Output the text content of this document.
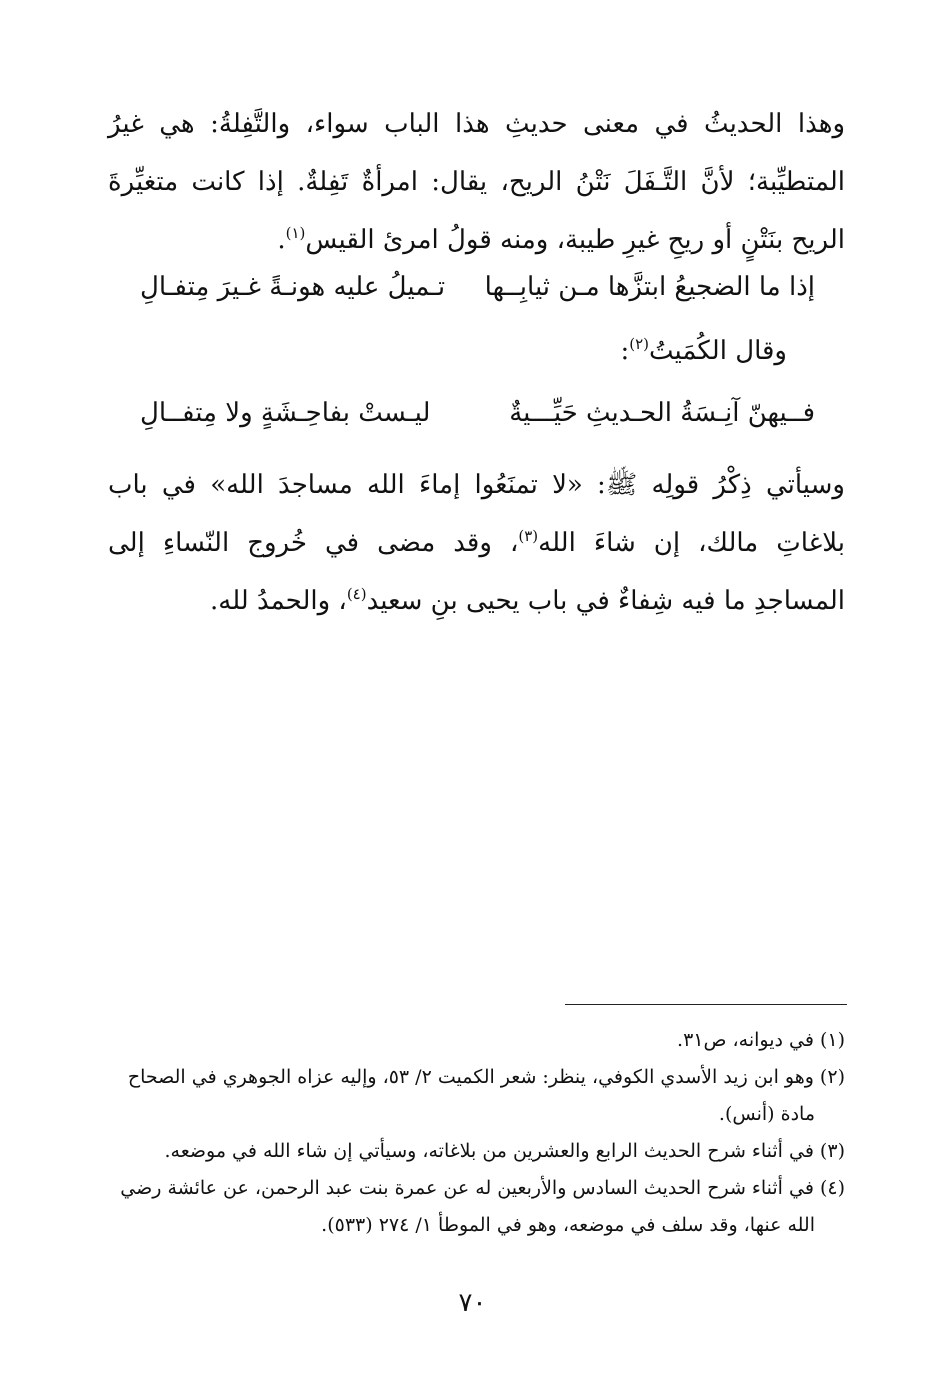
وهذا الحديثُ في معنى حديثِ هذا الباب سواء، والتَّفِلةُ: هي غيرُ المتطيِّبة؛ لأنَّ التَّـفَلَ نَتْنُ الريح، يقال: امرأةٌ تَفِلةٌ. إذا كانت متغيِّرةَ الريح بنَتْنٍ أو ريحِ غيرِ طيبة، ومنه قولُ امرئ القيس$^{(١)}$.
إذا ما الضجيعُ ابتزَّها مـن ثيابِــها
تـميلُ عليه هونـةً غـيرَ مِتفـالِ
وقال الكُمَيتُ$^{(٢)}$:
فــيهنّ آنِـسَةُ الحـديثِ حَيِّـــيةٌ
ليـستْ بفاحِـشَةٍ ولا مِتفــالِ
وسيأتي ذِكْرُ قولِه ﷺ: «لا تمنَعُوا إماءَ الله مساجدَ الله» في باب بلاغاتِ مالك، إن شاءَ الله$^{(٣)}$، وقد مضى في خُروج النّساءِ إلى المساجدِ ما فيه شِفاءٌ في باب يحيى بنِ سعيد$^{(٤)}$، والحمدُ لله.
(١) في ديوانه، ص٣١.
(٢) وهو ابن زيد الأسدي الكوفي، ينظر: شعر الكميت ٢/ ٥٣، وإليه عزاه الجوهري في الصحاح
مادة (أنس).
(٣) في أثناء شرح الحديث الرابع والعشرين من بلاغاته، وسيأتي إن شاء الله في موضعه.
(٤) في أثناء شرح الحديث السادس والأربعين له عن عمرة بنت عبد الرحمن، عن عائشة رضي
الله عنها، وقد سلف في موضعه، وهو في الموطأ ١/ ٢٧٤ (٥٣٣).
٧٠
